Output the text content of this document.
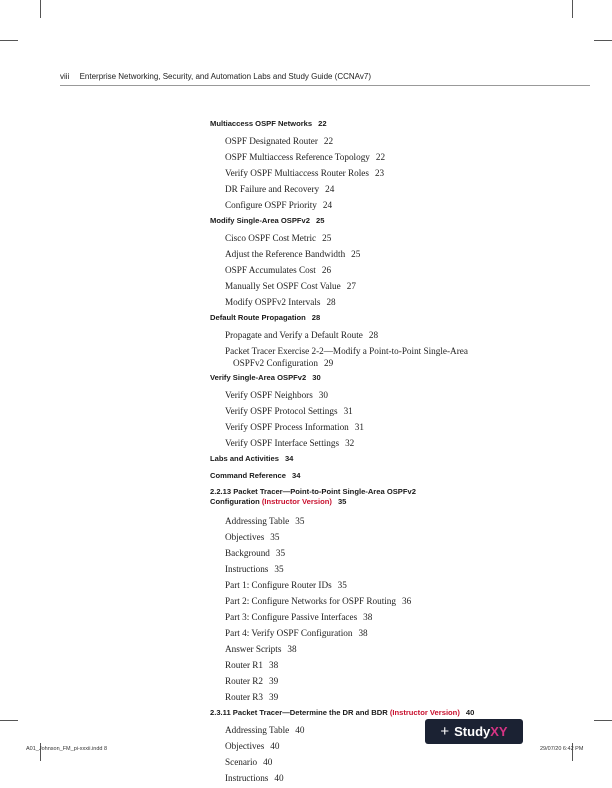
viii Enterprise Networking, Security, and Automation Labs and Study Guide (CCNAv7)
Multiaccess OSPF Networks 22
OSPF Designated Router 22
OSPF Multiaccess Reference Topology 22
Verify OSPF Multiaccess Router Roles 23
DR Failure and Recovery 24
Configure OSPF Priority 24
Modify Single-Area OSPFv2 25
Cisco OSPF Cost Metric 25
Adjust the Reference Bandwidth 25
OSPF Accumulates Cost 26
Manually Set OSPF Cost Value 27
Modify OSPFv2 Intervals 28
Default Route Propagation 28
Propagate and Verify a Default Route 28
Packet Tracer Exercise 2-2—Modify a Point-to-Point Single-Area
OSPFv2 Configuration 29
Verify Single-Area OSPFv2 30
Verify OSPF Neighbors 30
Verify OSPF Protocol Settings 31
Verify OSPF Process Information 31
Verify OSPF Interface Settings 32
Labs and Activities 34
Command Reference 34
2.2.13 Packet Tracer—Point-to-Point Single-Area OSPFv2
Configuration (Instructor Version) 35
Addressing Table 35
Objectives 35
Background 35
Instructions 35
Part 1: Configure Router IDs 35
Part 2: Configure Networks for OSPF Routing 36
Part 3: Configure Passive Interfaces 38
Part 4: Verify OSPF Configuration 38
Answer Scripts 38
Router R1 38
Router R2 39
Router R3 39
2.3.11 Packet Tracer—Determine the DR and BDR (Instructor Version) 40
Addressing Table 40
Objectives 40
Scenario 40
Instructions 40
+ Study XY
A01_Johnson_FM_pi-xxxii.indd 8	29/07/20 6:42 PM
